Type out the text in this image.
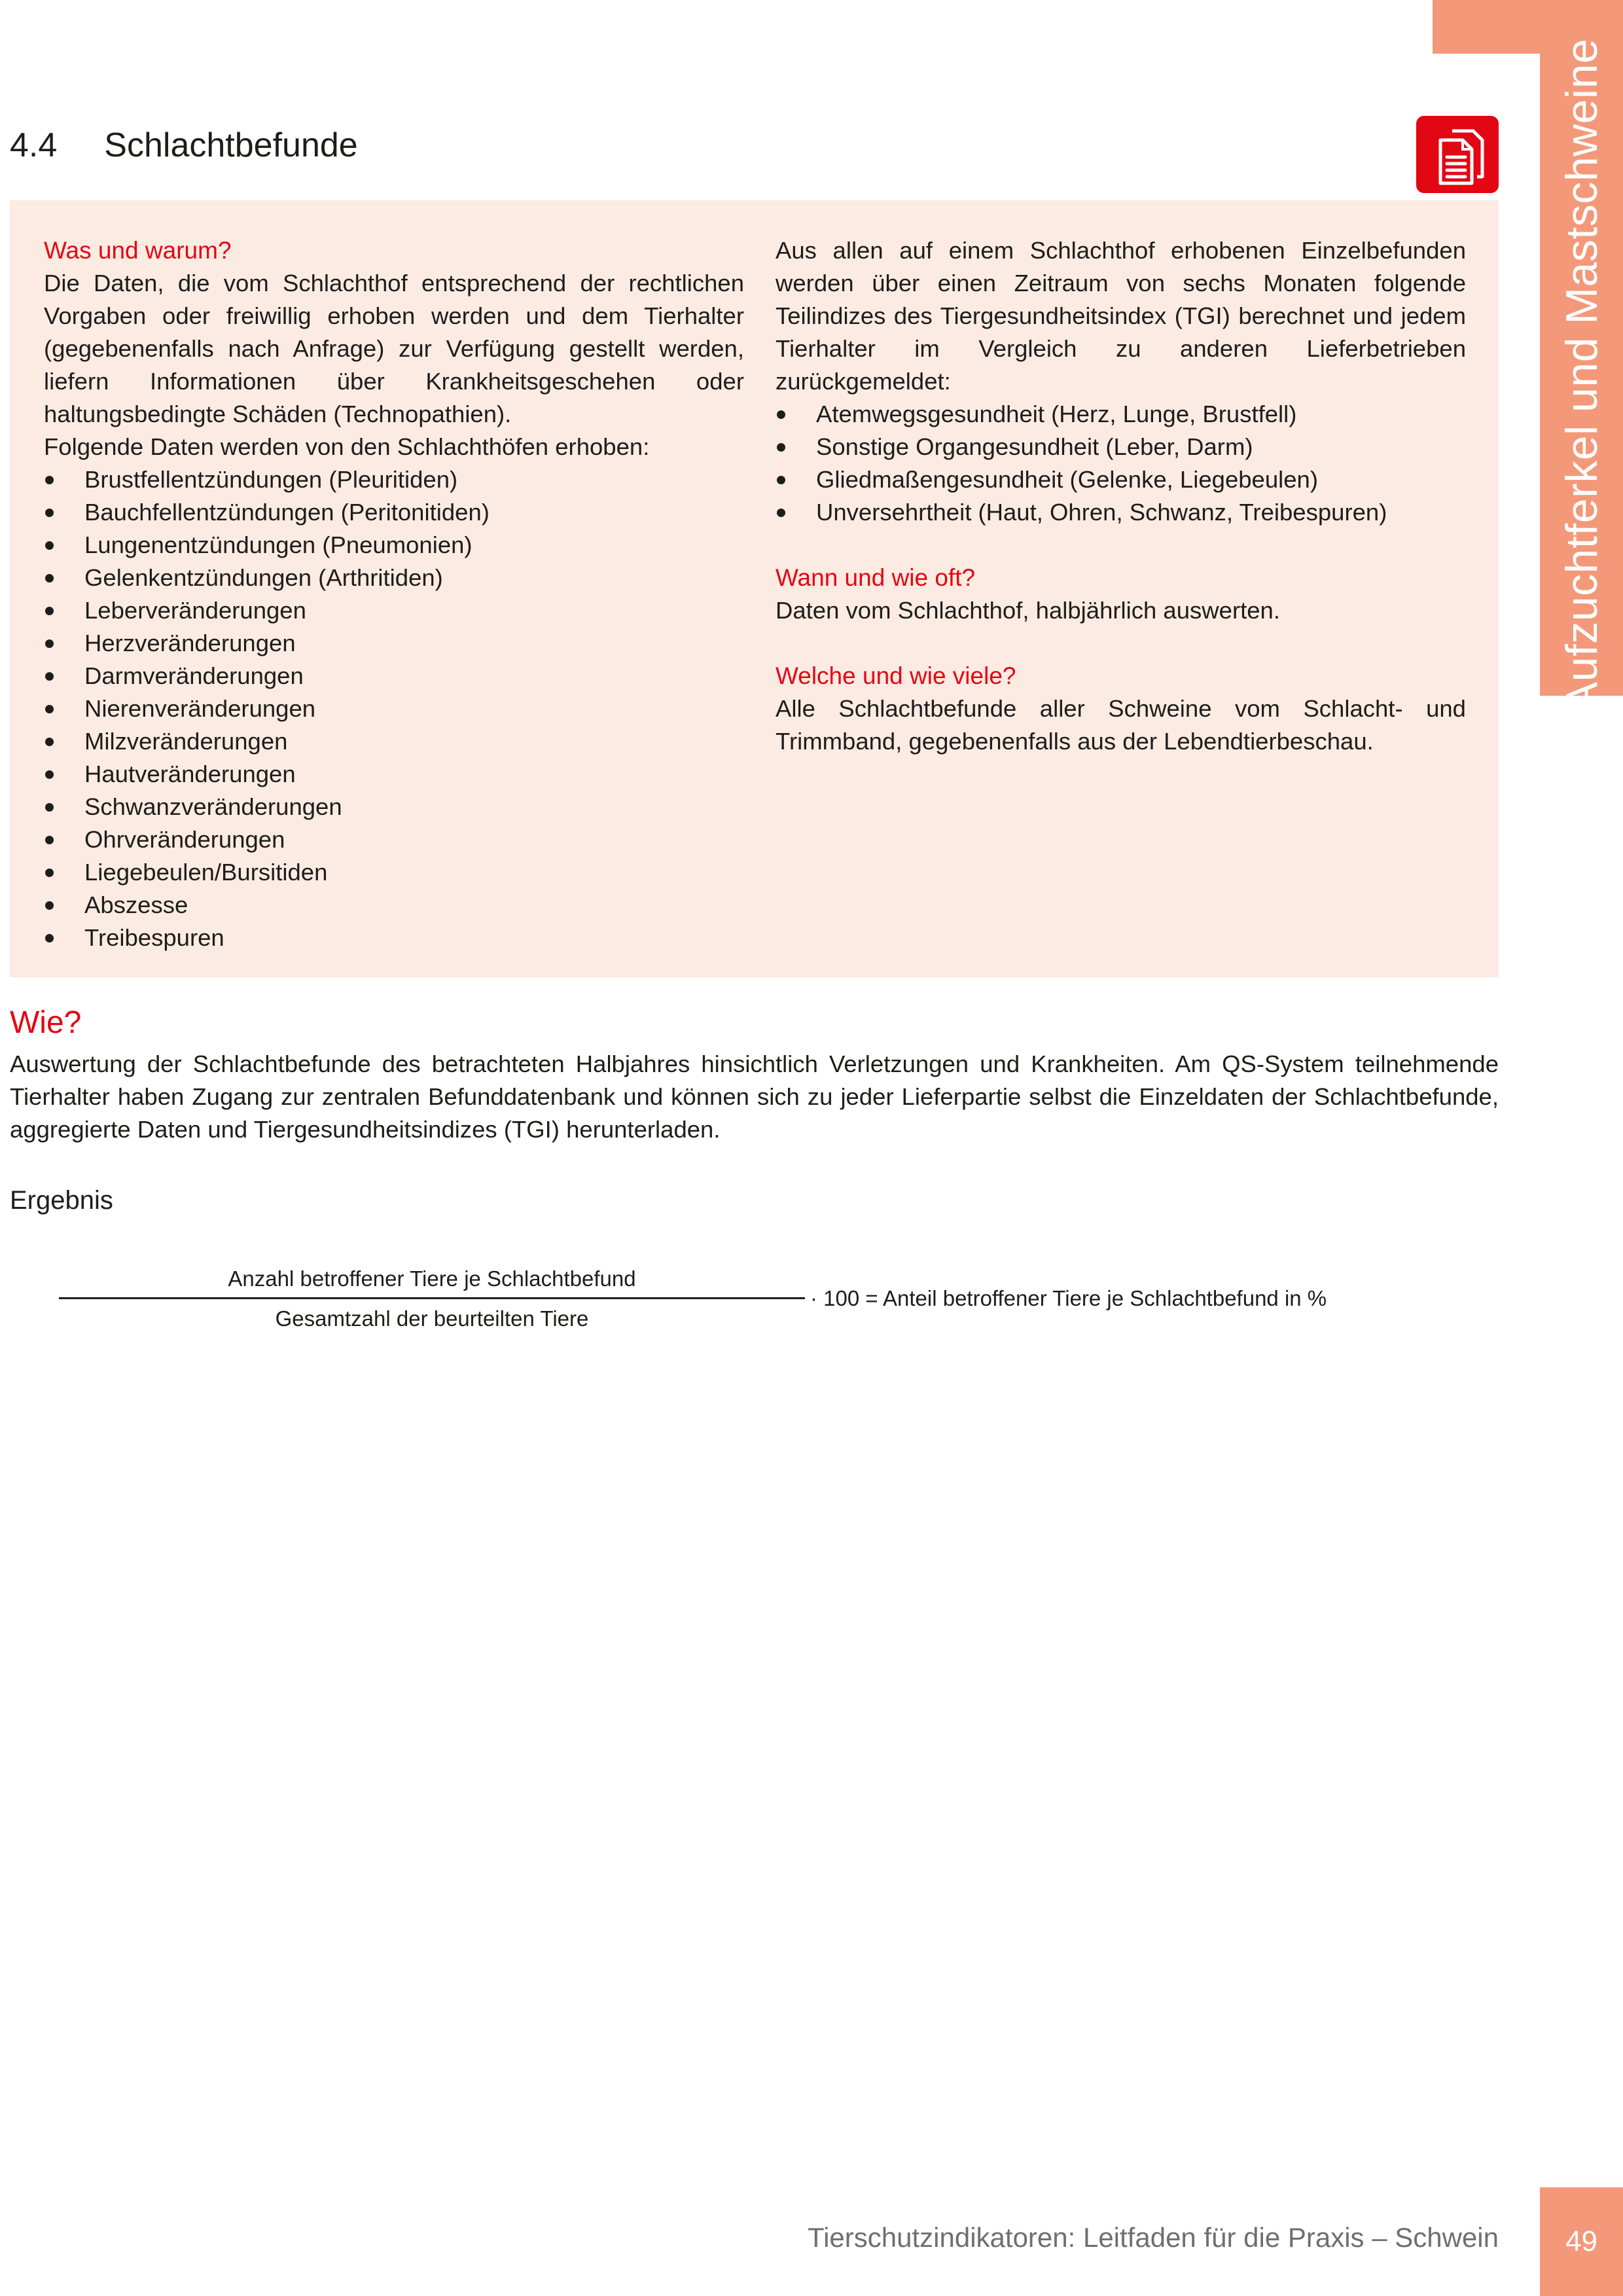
Aufzuchtferkel und Mastschweine
4.4 Schlachtbefunde
Was und warum?
Die Daten, die vom Schlachthof entsprechend der rechtlichen Vorgaben oder freiwillig erhoben werden und dem Tierhalter (gegebenenfalls nach Anfrage) zur Verfügung gestellt werden, liefern Informationen über Krankheitsgeschehen oder haltungsbedingte Schäden (Technopathien).
Folgende Daten werden von den Schlachthöfen erhoben:
Brustfellentzündungen (Pleuritiden)
Bauchfellentzündungen (Peritonitiden)
Lungenentzündungen (Pneumonien)
Gelenkentzündungen (Arthritiden)
Leberveränderungen
Herzveränderungen
Darmveränderungen
Nierenveränderungen
Milzveränderungen
Hautveränderungen
Schwanzveränderungen
Ohrveränderungen
Liegebeulen/Bursitiden
Abszesse
Treibespuren
Aus allen auf einem Schlachthof erhobenen Einzelbefunden werden über einen Zeitraum von sechs Monaten folgende Teilindizes des Tiergesundheitsindex (TGI) berechnet und jedem Tierhalter im Vergleich zu anderen Lieferbetrieben zurückgemeldet:
Atemwegsgesundheit (Herz, Lunge, Brustfell)
Sonstige Organgesundheit (Leber, Darm)
Gliedmaßengesundheit (Gelenke, Liegebeulen)
Unversehrtheit (Haut, Ohren, Schwanz, Treibespuren)
Wann und wie oft?
Daten vom Schlachthof, halbjährlich auswerten.
Welche und wie viele?
Alle Schlachtbefunde aller Schweine vom Schlacht- und Trimmband, gegebenenfalls aus der Lebendtierbeschau.
Wie?
Auswertung der Schlachtbefunde des betrachteten Halbjahres hinsichtlich Verletzungen und Krankheiten. Am QS-System teilnehmende Tierhalter haben Zugang zur zentralen Befunddatenbank und können sich zu jeder Lieferpartie selbst die Einzeldaten der Schlachtbefunde, aggregierte Daten und Tiergesundheitsindizes (TGI) herunterladen.
Ergebnis
Anzahl betroffener Tiere je Schlachtbefund
Gesamtzahl der beurteilten Tiere
· 100 = Anteil betroffener Tiere je Schlachtbefund in %
Tierschutzindikatoren: Leitfaden für die Praxis – Schwein 49
